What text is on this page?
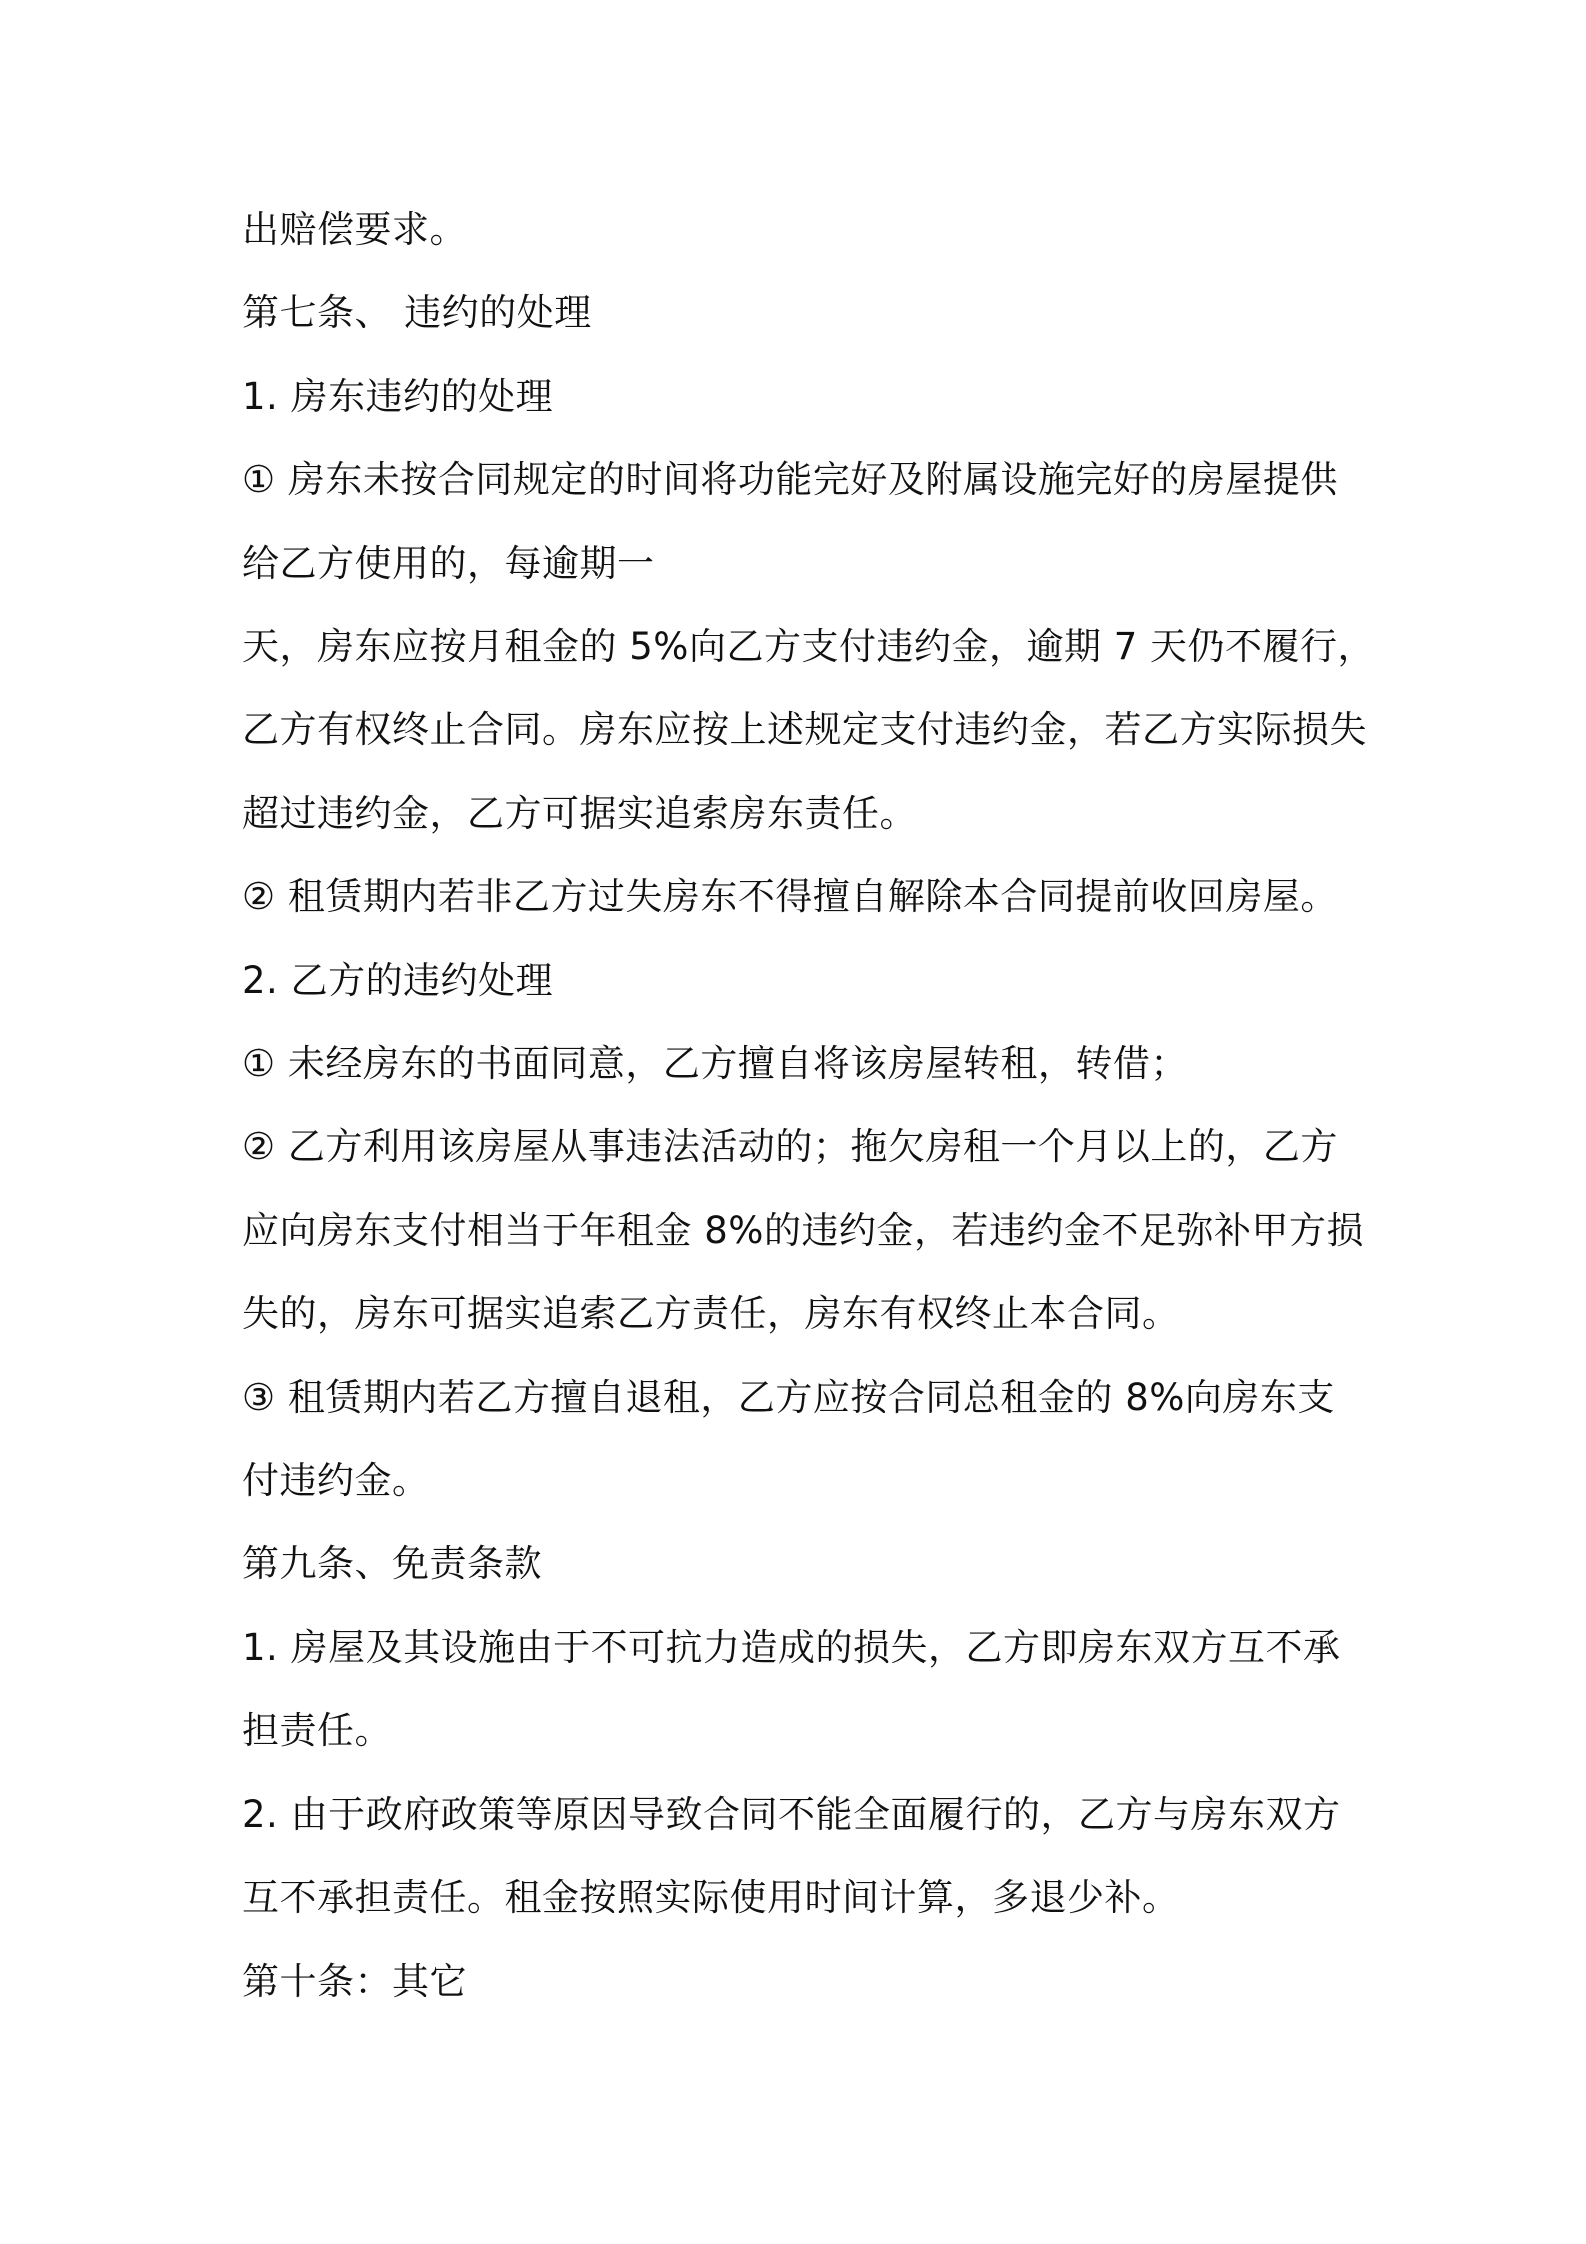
出赔偿要求。
第七条、 违约的处理
1. 房东违约的处理
① 房东未按合同规定的时间将功能完好及附属设施完好的房屋提供
给乙方使用的，每逾期一
天，房东应按月租金的 5%向乙方支付违约金，逾期 7 天仍不履行，
乙方有权终止合同。房东应按上述规定支付违约金，若乙方实际损失
超过违约金，乙方可据实追索房东责任。
② 租赁期内若非乙方过失房东不得擅自解除本合同提前收回房屋。
2. 乙方的违约处理
① 未经房东的书面同意，乙方擅自将该房屋转租，转借；
② 乙方利用该房屋从事违法活动的；拖欠房租一个月以上的，乙方
应向房东支付相当于年租金 8%的违约金，若违约金不足弥补甲方损
失的，房东可据实追索乙方责任，房东有权终止本合同。
③ 租赁期内若乙方擅自退租，乙方应按合同总租金的 8%向房东支
付违约金。
第九条、免责条款
1. 房屋及其设施由于不可抗力造成的损失，乙方即房东双方互不承
担责任。
2. 由于政府政策等原因导致合同不能全面履行的，乙方与房东双方
互不承担责任。租金按照实际使用时间计算，多退少补。
第十条：其它
